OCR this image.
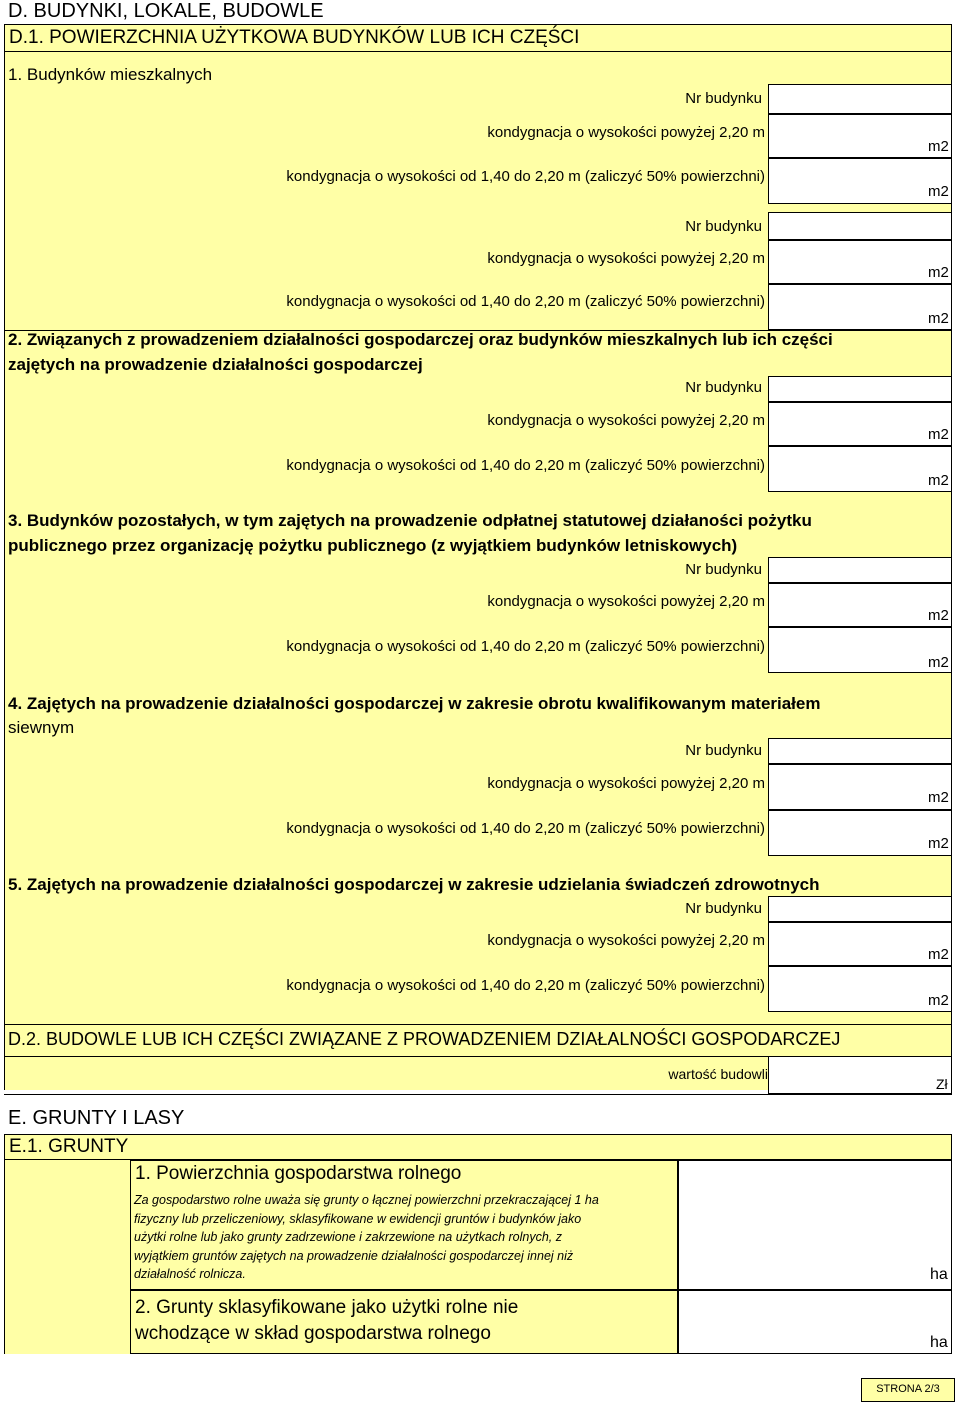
D. BUDYNKI, LOKALE, BUDOWLE
D.1. POWIERZCHNIA UŻYTKOWA BUDYNKÓW LUB ICH CZĘŚCI
1. Budynków mieszkalnych
Nr budynku
kondygnacja o wysokości powyżej 2,20 m
m2
kondygnacja o wysokości od 1,40 do 2,20 m (zaliczyć 50% powierzchni)
m2
Nr budynku
kondygnacja o wysokości powyżej 2,20 m
m2
kondygnacja o wysokości od 1,40 do 2,20 m (zaliczyć 50% powierzchni)
m2
2. Związanych z prowadzeniem działalności gospodarczej oraz budynków mieszkalnych lub ich części
zajętych na prowadzenie działalności gospodarczej
Nr budynku
kondygnacja o wysokości powyżej 2,20 m
m2
kondygnacja o wysokości od 1,40 do 2,20 m (zaliczyć 50% powierzchni)
m2
3. Budynków pozostałych, w tym zajętych na prowadzenie odpłatnej statutowej działaności pożytku
publicznego przez organizację pożytku publicznego (z wyjątkiem budynków letniskowych)
Nr budynku
kondygnacja o wysokości powyżej 2,20 m
m2
kondygnacja o wysokości od 1,40 do 2,20 m (zaliczyć 50% powierzchni)
m2
4. Zajętych na prowadzenie działalności gospodarczej w zakresie obrotu kwalifikowanym materiałem
siewnym
Nr budynku
kondygnacja o wysokości powyżej 2,20 m
m2
kondygnacja o wysokości od 1,40 do 2,20 m (zaliczyć 50% powierzchni)
m2
5. Zajętych na prowadzenie działalności gospodarczej w zakresie udzielania świadczeń zdrowotnych
Nr budynku
kondygnacja o wysokości powyżej 2,20 m
m2
kondygnacja o wysokości od 1,40 do 2,20 m (zaliczyć 50% powierzchni)
m2
D.2. BUDOWLE LUB ICH CZĘŚCI ZWIĄZANE Z PROWADZENIEM DZIAŁALNOŚCI GOSPODARCZEJ
wartość budowli
Zł
E. GRUNTY I LASY
E.1. GRUNTY
1. Powierzchnia gospodarstwa rolnego
Za gospodarstwo rolne uważa się grunty o łącznej powierzchni przekraczającej 1 ha
fizyczny lub przeliczeniowy, sklasyfikowane w ewidencji gruntów i budynków jako
użytki rolne lub jako grunty zadrzewione i zakrzewione na użytkach rolnych, z
wyjątkiem gruntów zajętych na prowadzenie działalności gospodarczej innej niż
działalność rolnicza.	ha
2. Grunty sklasyfikowane jako użytki rolne nie
wchodzące w skład gospodarstwa rolnego	ha
STRONA 2/3
